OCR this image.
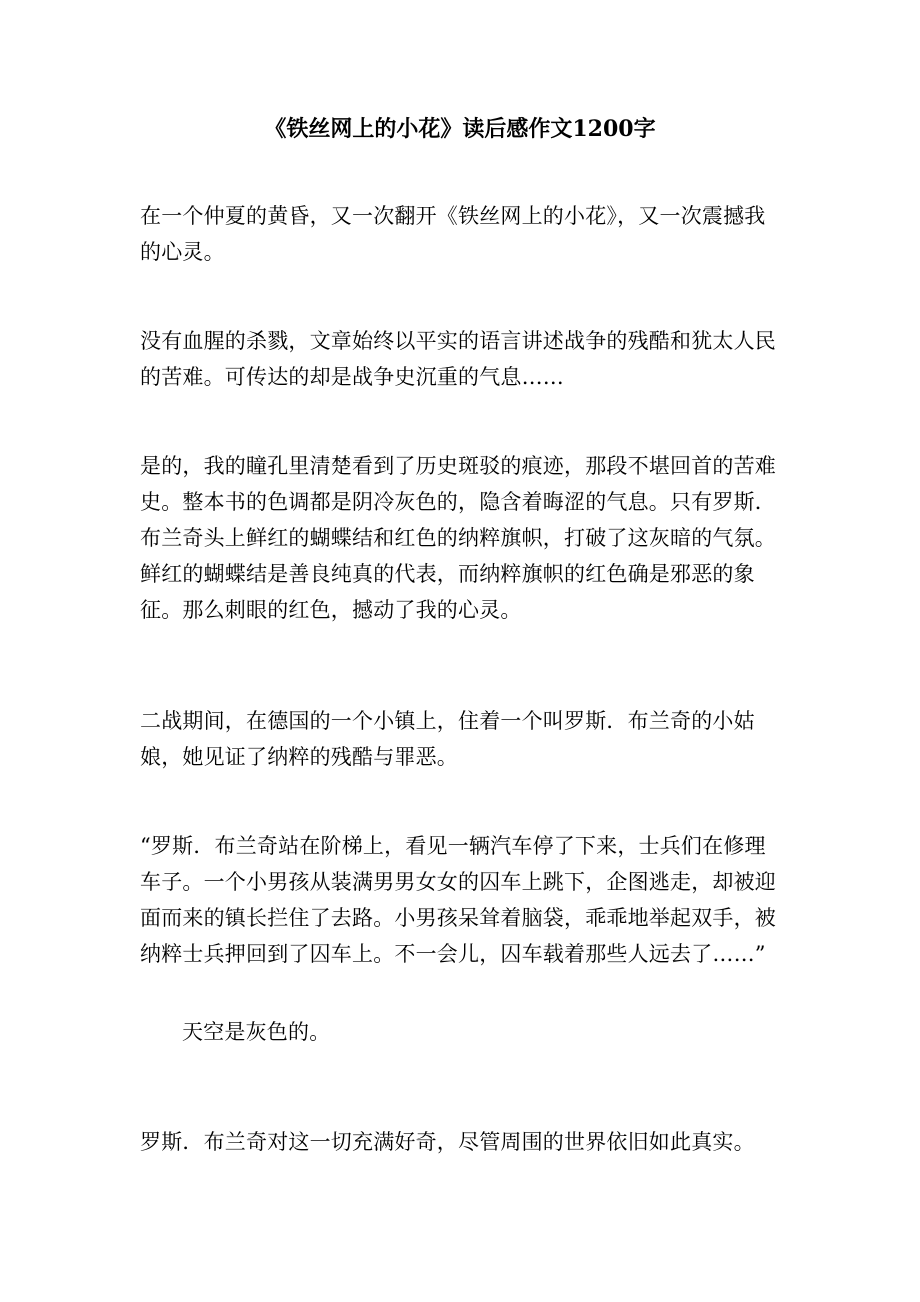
《铁丝网上的小花》读后感作文1200字

在一个仲夏的黄昏，又一次翻开《铁丝网上的小花》，又一次震撼我的心灵。

没有血腥的杀戮，文章始终以平实的语言讲述战争的残酷和犹太人民的苦难。可传达的却是战争史沉重的气息……

是的，我的瞳孔里清楚看到了历史斑驳的痕迹，那段不堪回首的苦难史。整本书的色调都是阴冷灰色的，隐含着晦涩的气息。只有罗斯．布兰奇头上鲜红的蝴蝶结和红色的纳粹旗帜，打破了这灰暗的气氛。鲜红的蝴蝶结是善良纯真的代表，而纳粹旗帜的红色确是邪恶的象征。那么刺眼的红色，撼动了我的心灵。

二战期间，在德国的一个小镇上，住着一个叫罗斯．布兰奇的小姑娘，她见证了纳粹的残酷与罪恶。

“罗斯．布兰奇站在阶梯上，看见一辆汽车停了下来，士兵们在修理车子。一个小男孩从装满男男女女的囚车上跳下，企图逃走，却被迎面而来的镇长拦住了去路。小男孩呆耸着脑袋，乖乖地举起双手，被纳粹士兵押回到了囚车上。不一会儿，囚车载着那些人远去了……”

天空是灰色的。

罗斯．布兰奇对这一切充满好奇，尽管周围的世界依旧如此真实。
